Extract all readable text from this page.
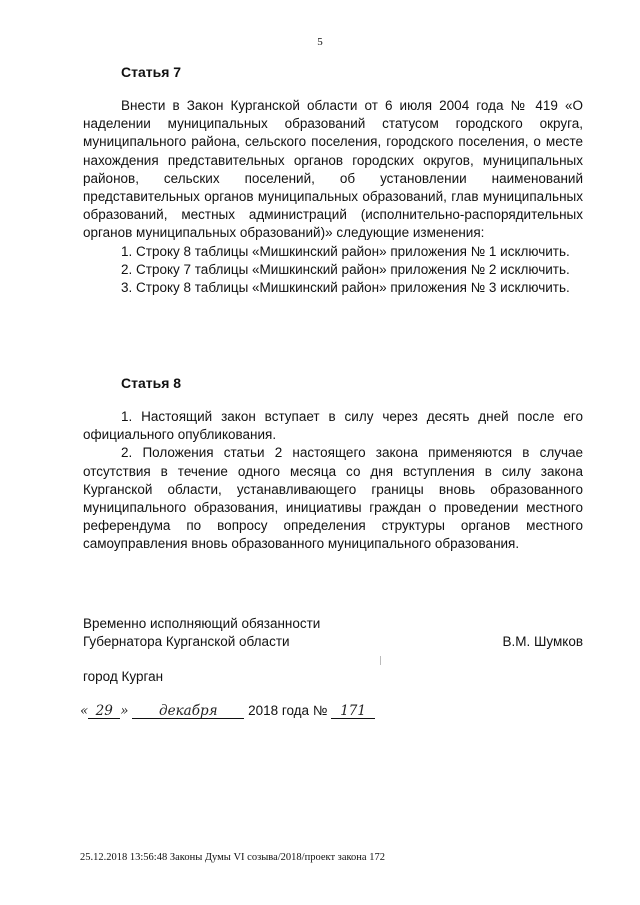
5
Статья 7

Внести в Закон Курганской области от 6 июля 2004 года № 419 «О наделении муниципальных образований статусом городского округа, муниципального района, сельского поселения, городского поселения, о месте нахождения представительных органов городских округов, муниципальных районов, сельских поселений, об установлении наименований представительных органов муниципальных образований, глав муниципальных образований, местных администраций (исполнительно-распорядительных органов муниципальных образований)» следующие изменения:

1. Строку 8 таблицы «Мишкинский район» приложения № 1 исключить.

2. Строку 7 таблицы «Мишкинский район» приложения № 2 исключить.

3. Строку 8 таблицы «Мишкинский район» приложения № 3 исключить.

Статья 8

1. Настоящий закон вступает в силу через десять дней после его официального опубликования.

2. Положения статьи 2 настоящего закона применяются в случае отсутствия в течение одного месяца со дня вступления в силу закона Курганской области, устанавливающего границы вновь образованного муниципального образования, инициативы граждан о проведении местного референдума по вопросу определения структуры органов местного самоуправления вновь образованного муниципального образования.

Временно исполняющий обязанности
Губернатора Курганской области	В.М. Шумков
город Курган
« 29 » декабря 2018 года № 171
25.12.2018 13:56:48 Законы Думы VI созыва/2018/проект закона 172
